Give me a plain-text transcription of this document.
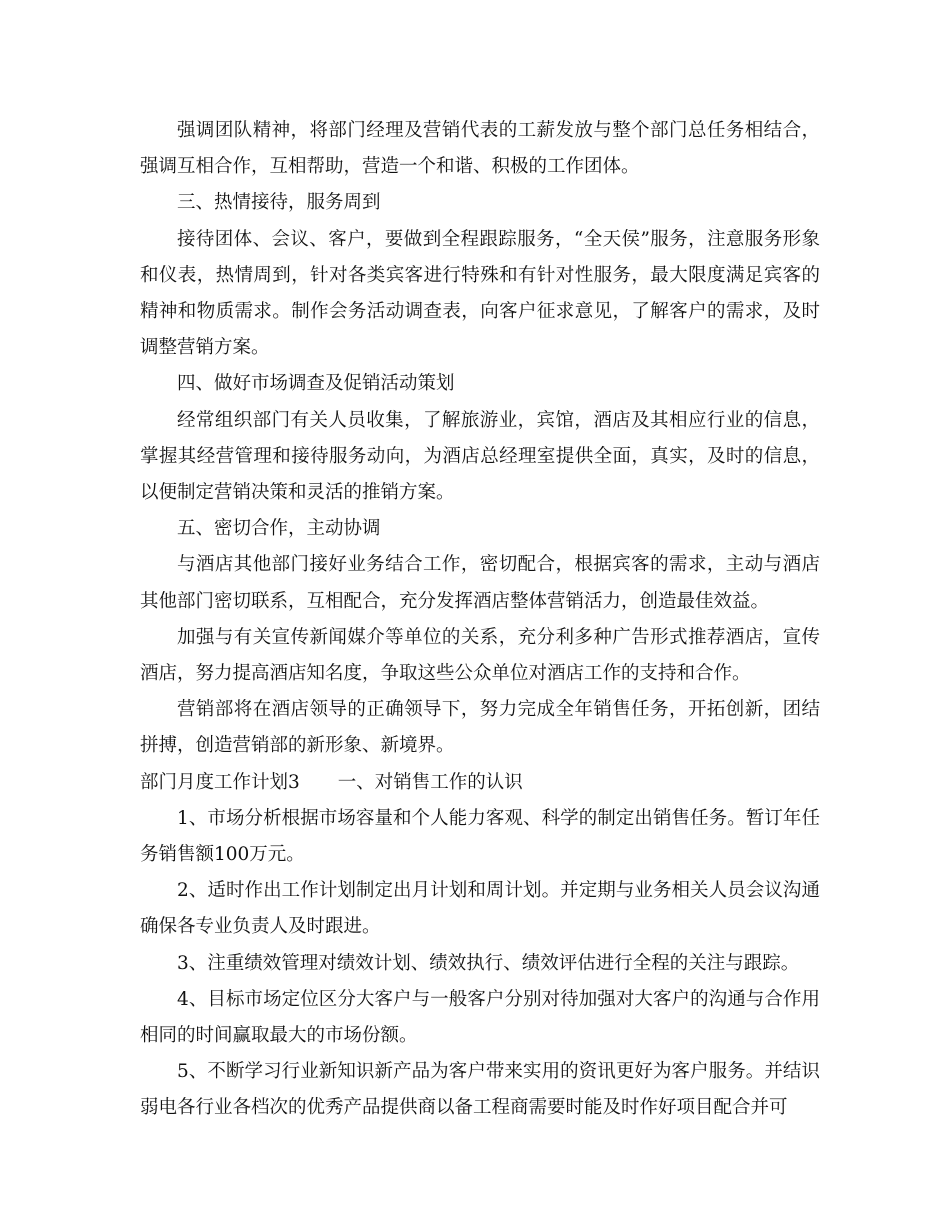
强调团队精神，将部门经理及营销代表的工薪发放与整个部门总任务相结合，强调互相合作，互相帮助，营造一个和谐、积极的工作团体。

三、热情接待，服务周到

接待团体、会议、客户，要做到全程跟踪服务，“全天侯”服务，注意服务形象和仪表，热情周到，针对各类宾客进行特殊和有针对性服务，最大限度满足宾客的精神和物质需求。制作会务活动调查表，向客户征求意见，了解客户的需求，及时调整营销方案。

四、做好市场调查及促销活动策划

经常组织部门有关人员收集，了解旅游业，宾馆，酒店及其相应行业的信息，掌握其经营管理和接待服务动向，为酒店总经理室提供全面，真实，及时的信息，以便制定营销决策和灵活的推销方案。

五、密切合作，主动协调

与酒店其他部门接好业务结合工作，密切配合，根据宾客的需求，主动与酒店其他部门密切联系，互相配合，充分发挥酒店整体营销活力，创造最佳效益。

加强与有关宣传新闻媒介等单位的关系，充分利多种广告形式推荐酒店，宣传酒店，努力提高酒店知名度，争取这些公众单位对酒店工作的支持和合作。

营销部将在酒店领导的正确领导下，努力完成全年销售任务，开拓创新，团结拼搏，创造营销部的新形象、新境界。

部门月度工作计划3 一、对销售工作的认识

1、市场分析根据市场容量和个人能力客观、科学的制定出销售任务。暂订年任务销售额100万元。

2、适时作出工作计划制定出月计划和周计划。并定期与业务相关人员会议沟通确保各专业负责人及时跟进。

3、注重绩效管理对绩效计划、绩效执行、绩效评估进行全程的关注与跟踪。

4、目标市场定位区分大客户与一般客户分别对待加强对大客户的沟通与合作用相同的时间赢取最大的市场份额。

5、不断学习行业新知识新产品为客户带来实用的资讯更好为客户服务。并结识弱电各行业各档次的优秀产品提供商以备工程商需要时能及时作好项目配合并可
